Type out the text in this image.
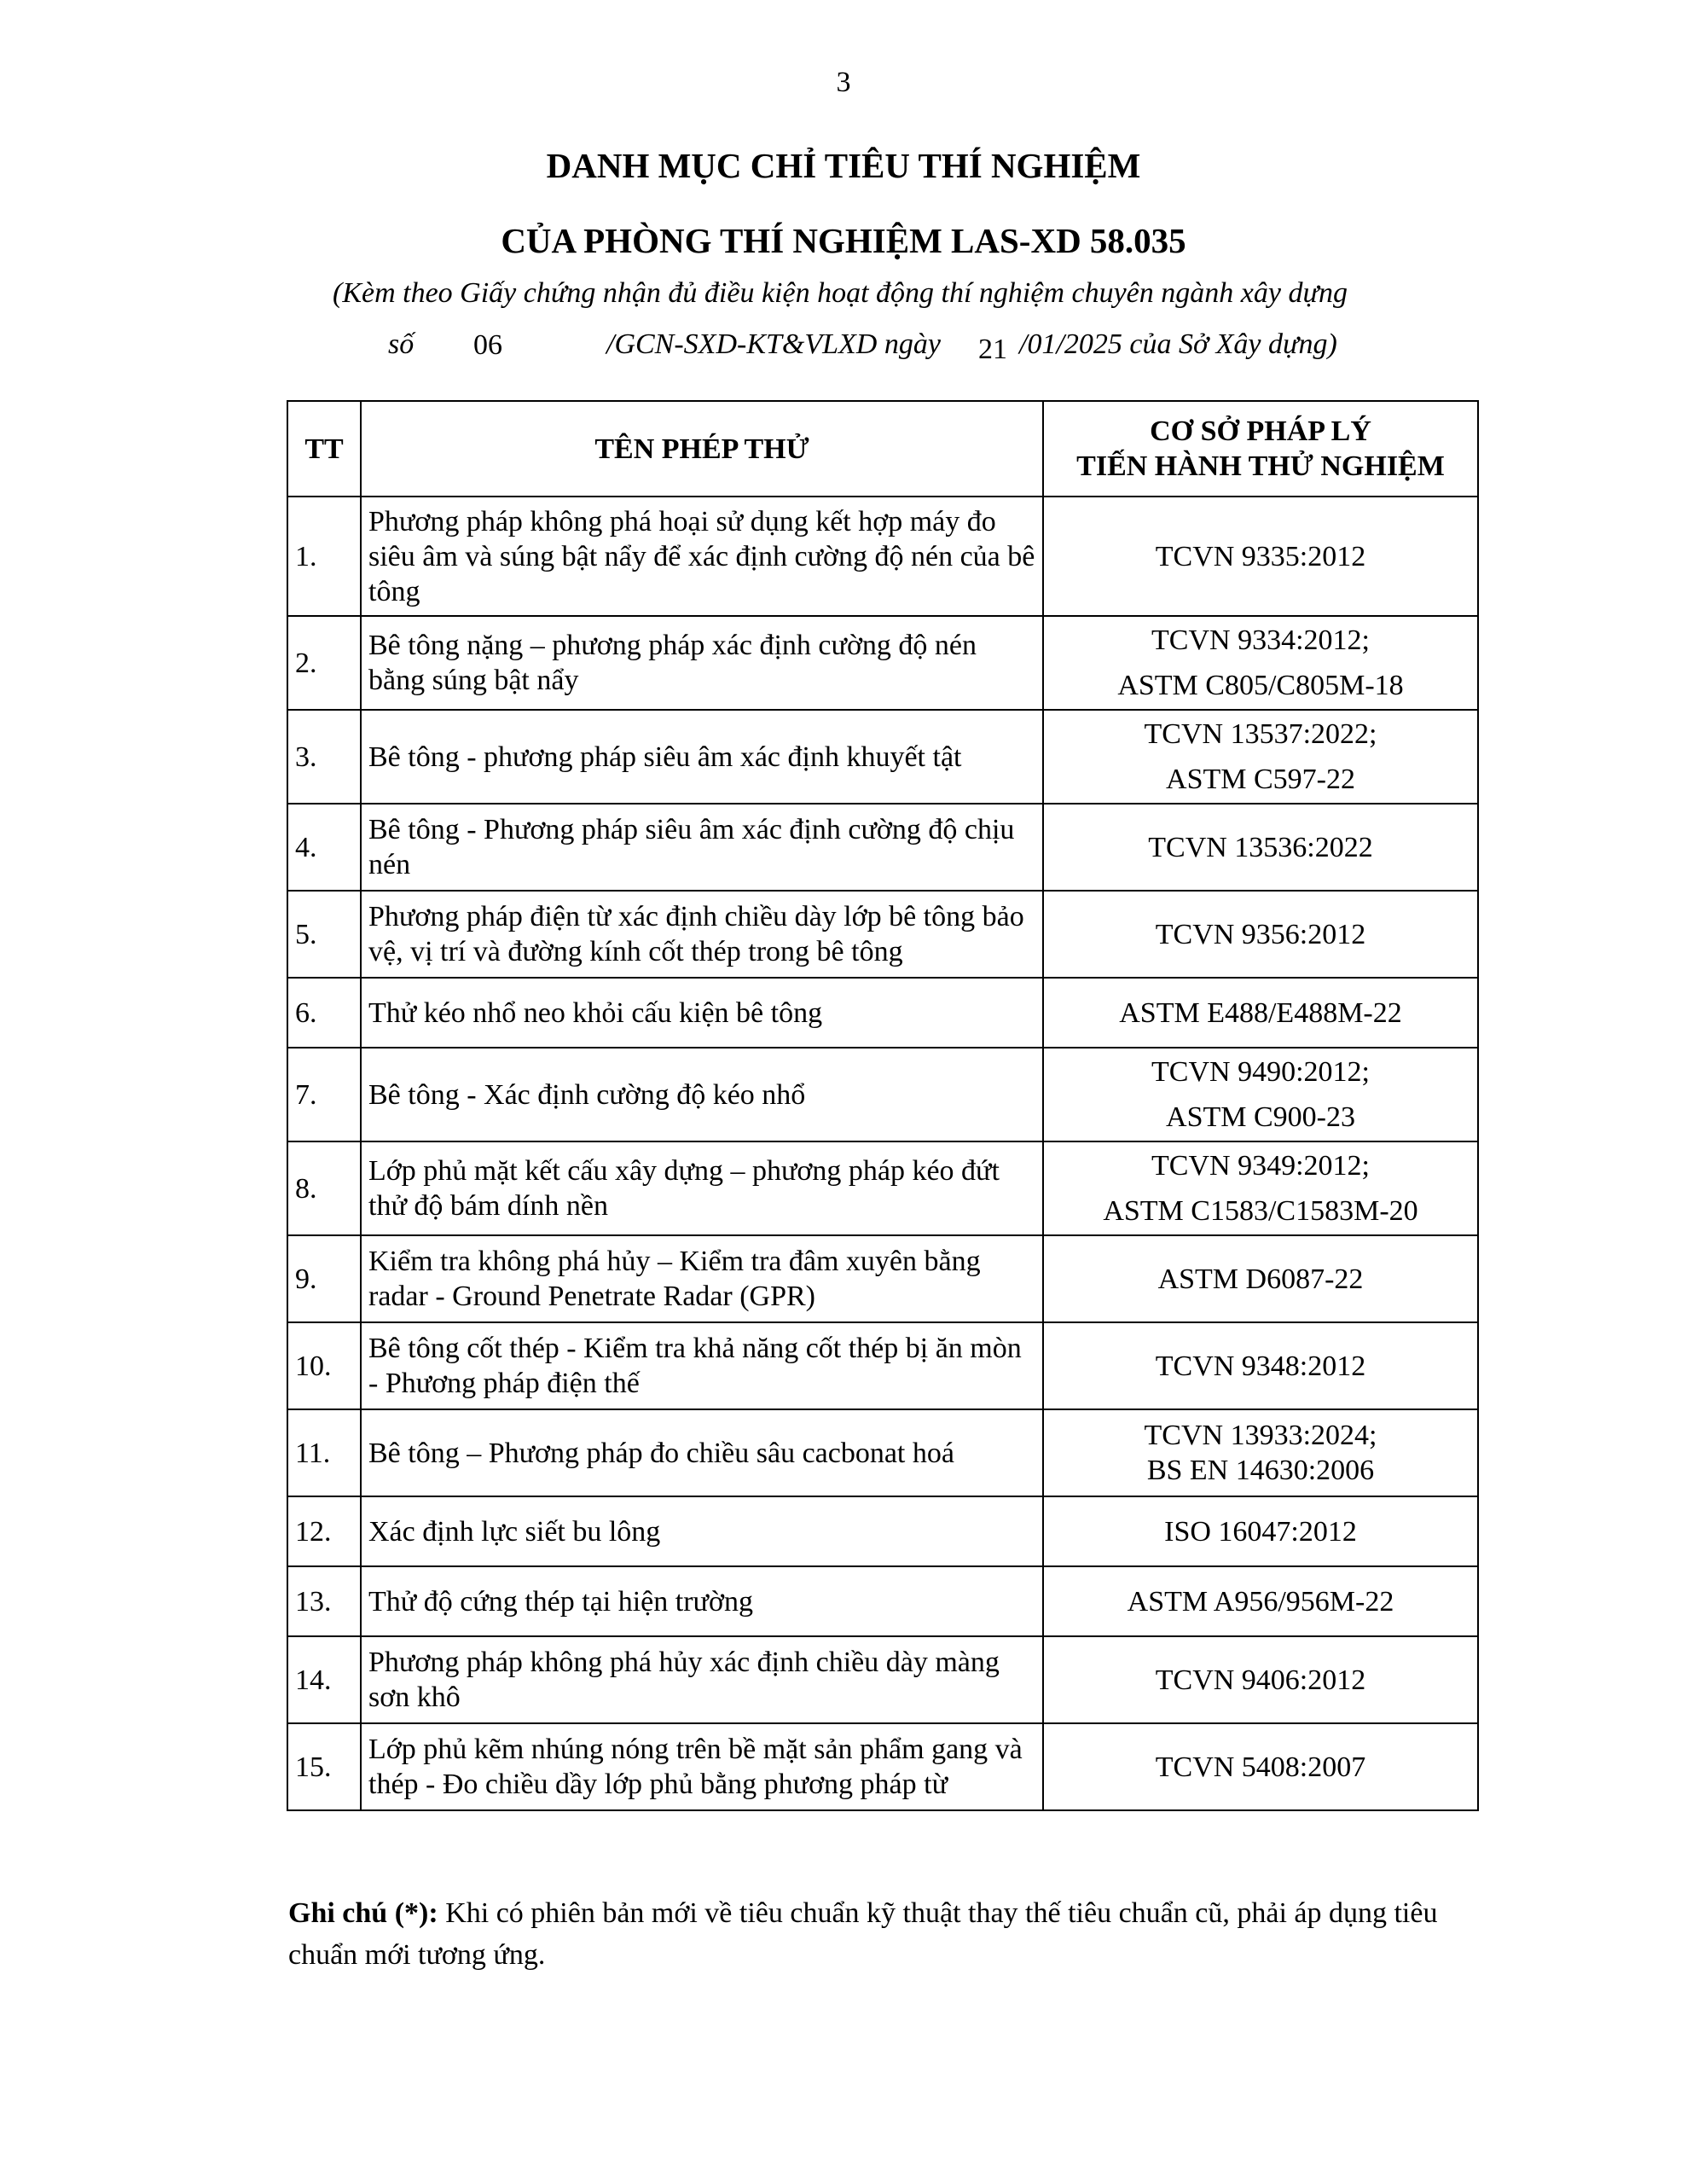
3
DANH MỤC CHỈ TIÊU THÍ NGHIỆM
CỦA PHÒNG THÍ NGHIỆM LAS-XD 58.035
(Kèm theo Giấy chứng nhận đủ điều kiện hoạt động thí nghiệm chuyên ngành xây dựng
số	/GCN-SXD-KT&VLXD ngày	/01/2025 của Sở Xây dựng)
06	21
TT	TÊN PHÉP THỬ	CƠ SỞ PHÁP LÝ
TIẾN HÀNH THỬ NGHIỆM

1.	Phương pháp không phá hoại sử dụng kết hợp máy đo siêu âm và súng bật nẩy để xác định cường độ nén của bê tông	TCVN 9335:2012

2.	Bê tông nặng – phương pháp xác định cường độ nén bằng súng bật nẩy	TCVN 9334:2012;
ASTM C805/C805M-18

3.	Bê tông - phương pháp siêu âm xác định khuyết tật	TCVN 13537:2022;
ASTM C597-22

4.	Bê tông - Phương pháp siêu âm xác định cường độ chịu nén	TCVN 13536:2022

5.	Phương pháp điện từ xác định chiều dày lớp bê tông bảo vệ, vị trí và đường kính cốt thép trong bê tông	TCVN 9356:2012

6.	Thử kéo nhổ neo khỏi cấu kiện bê tông	ASTM E488/E488M-22

7.	Bê tông - Xác định cường độ kéo nhổ	TCVN 9490:2012;
ASTM C900-23

8.	Lớp phủ mặt kết cấu xây dựng – phương pháp kéo đứt thử độ bám dính nền	TCVN 9349:2012;
ASTM C1583/C1583M-20

9.	Kiểm tra không phá hủy – Kiểm tra đâm xuyên bằng radar - Ground Penetrate Radar (GPR)	ASTM D6087-22

10.	Bê tông cốt thép - Kiểm tra khả năng cốt thép bị ăn mòn - Phương pháp điện thế	TCVN 9348:2012

11.	Bê tông – Phương pháp đo chiều sâu cacbonat hoá	TCVN 13933:2024;
BS EN 14630:2006

12.	Xác định lực siết bu lông	ISO 16047:2012

13.	Thử độ cứng thép tại hiện trường	ASTM A956/956M-22

14.	Phương pháp không phá hủy xác định chiều dày màng sơn khô	TCVN 9406:2012

15.	Lớp phủ kẽm nhúng nóng trên bề mặt sản phẩm gang và thép - Đo chiều dầy lớp phủ bằng phương pháp từ	TCVN 5408:2007
Ghi chú (*): Khi có phiên bản mới về tiêu chuẩn kỹ thuật thay thế tiêu chuẩn cũ, phải áp dụng tiêu chuẩn mới tương ứng.
